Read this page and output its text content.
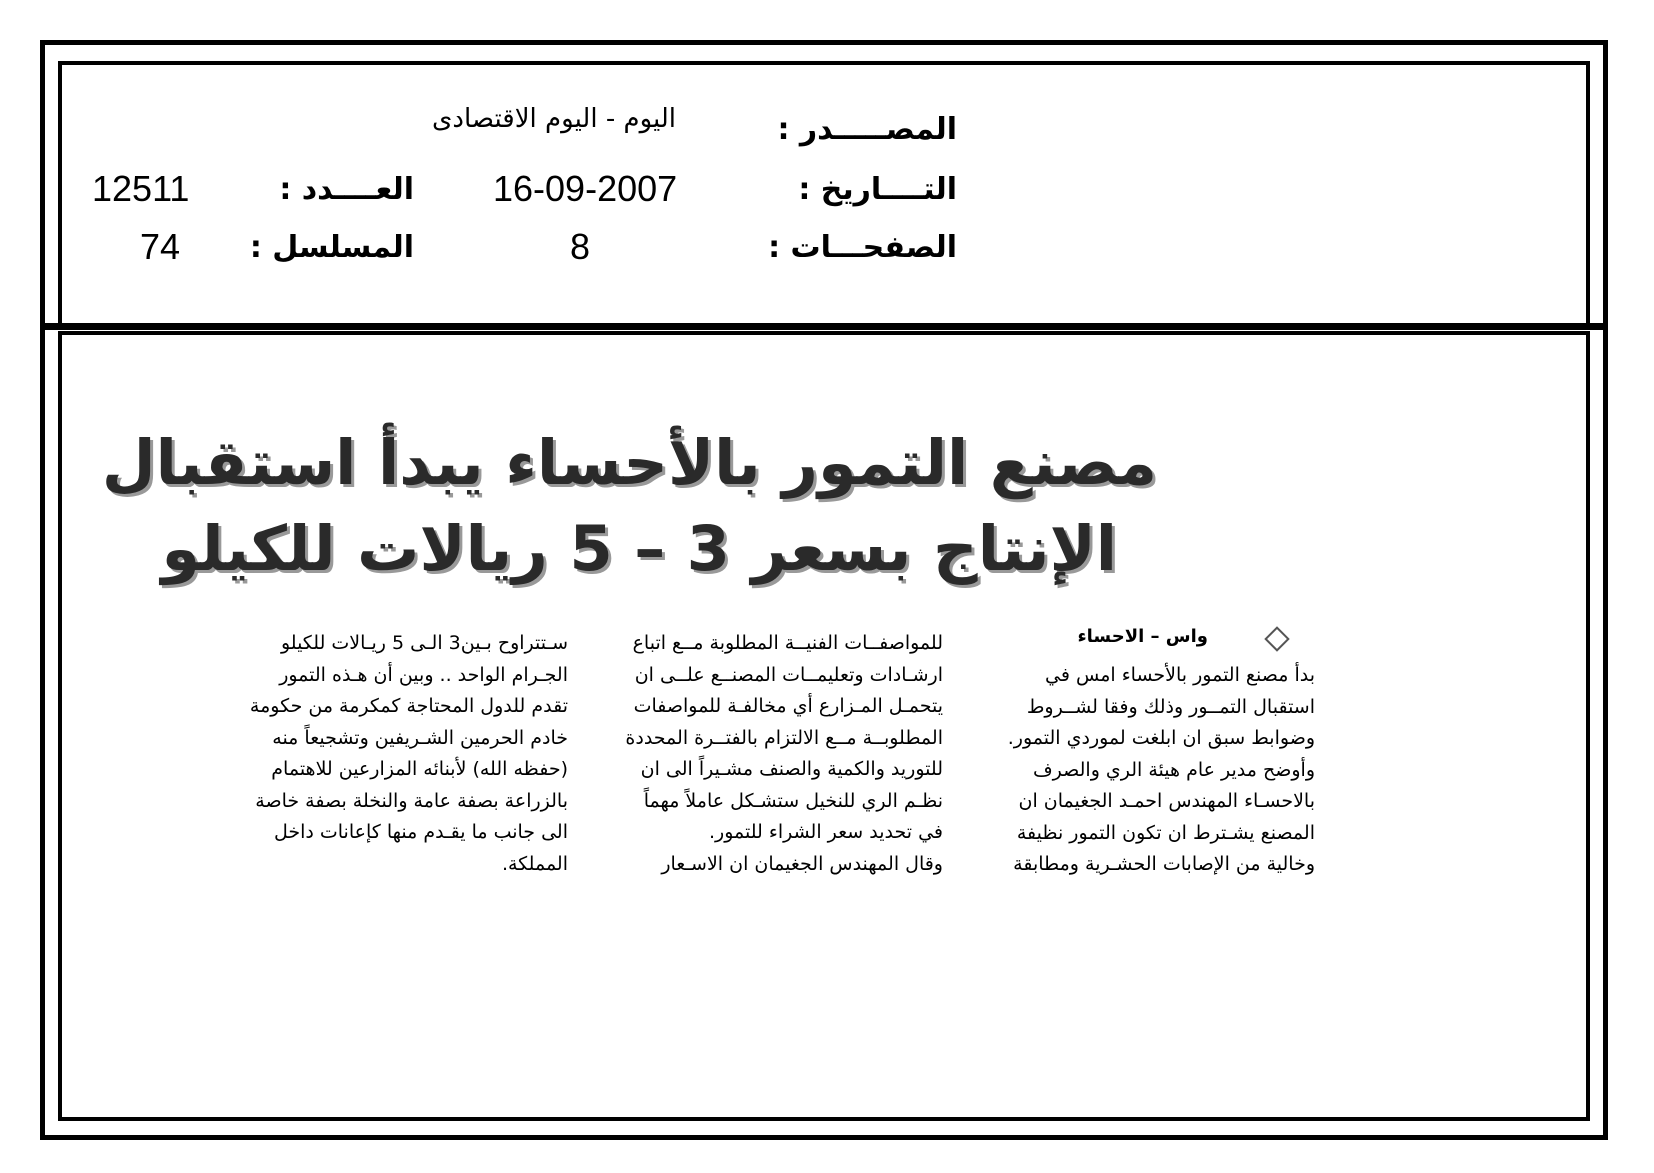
المصـــــدر :
اليوم - اليوم الاقتصادى
التــــاريخ :
16-09-2007
العــــدد :
12511
الصفحـــات :
8
المسلسل :
74
مصنع التمور بالأحساء يبدأ استقبال
الإنتاج بسعر 3 – 5 ريالات للكيلو
واس – الاحساء

بدأ مصنع التمور بالأحساء امس في

استقبال التمــور وذلك وفقا لشــروط

وضوابط سبق ان ابلغت لموردي التمور.

وأوضح مدير عام هيئة الري والصرف

بالاحسـاء المهندس احمـد الجغيمان ان

المصنع يشـترط ان تكون التمور نظيفة

وخالية من الإصابات الحشـرية ومطابقة

للمواصفــات الفنيــة المطلوبة مــع اتباع

ارشـادات وتعليمــات المصنــع علــى ان

يتحمـل المـزارع أي مخالفـة للمواصفات

المطلوبــة مــع الالتزام بالفتــرة المحددة

للتوريد والكمية والصنف مشـيراً الى ان

نظـم الري للنخيل ستشـكل عاملاً مهماً

في تحديد سعر الشراء للتمور.

وقال المهندس الجغيمان ان الاسـعار

سـتتراوح بـين3 الـى 5 ريـالات للكيلو

الجـرام الواحد .. وبين أن هـذه التمور

تقدم للدول المحتاجة كمكرمة من حكومة

خادم الحرمين الشـريفين وتشجيعاً منه

(حفظه الله) لأبنائه المزارعين للاهتمام

بالزراعة بصفة عامة والنخلة بصفة خاصة

الى جانب ما يقـدم منها كإعانات داخل

المملكة.
